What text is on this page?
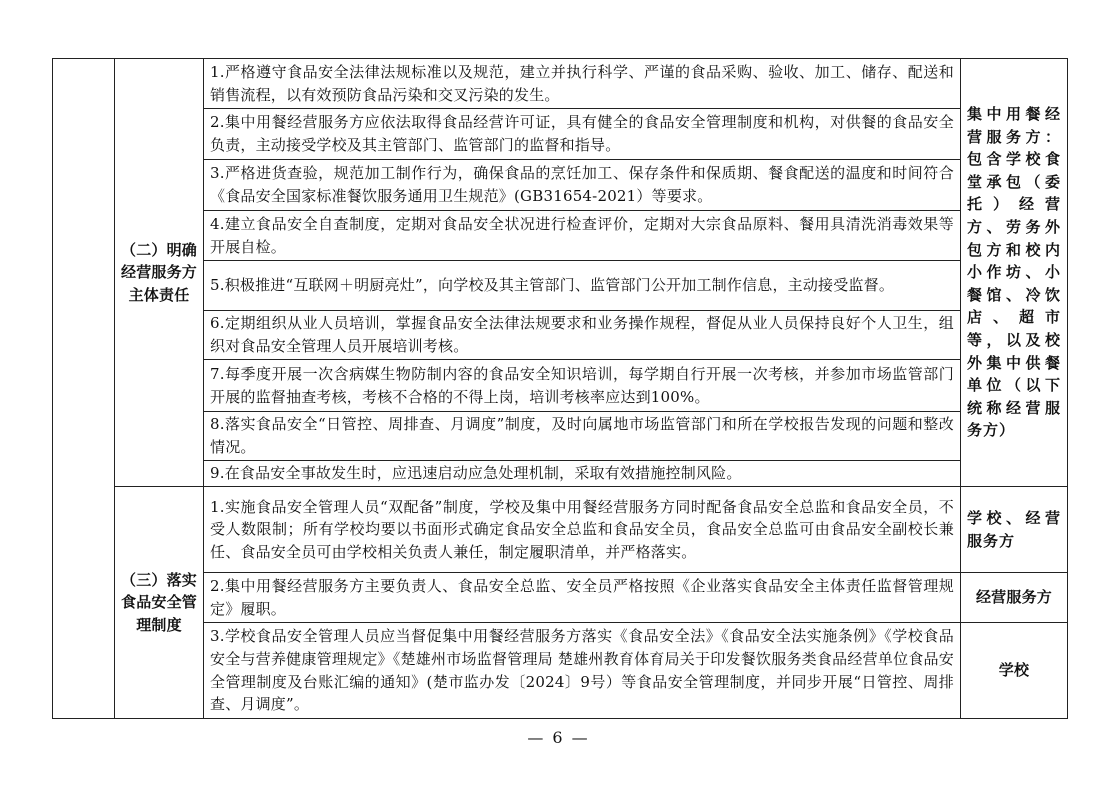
	（二）明确经营服务方主体责任	1.严格遵守食品安全法律法规标准以及规范，建立并执行科学、严谨的食品采购、验收、加工、储存、配送和销售流程，以有效预防食品污染和交叉污染的发生。	集中用餐经营服务方：包含学校食堂承包（委托）经营方、劳务外包方和校内小作坊、小餐馆、冷饮店、超市等，以及校外集中供餐单位（以下统称经营服务方）
		2.集中用餐经营服务方应依法取得食品经营许可证，具有健全的食品安全管理制度和机构，对供餐的食品安全负责，主动接受学校及其主管部门、监管部门的监督和指导。	
		3.严格进货查验，规范加工制作行为，确保食品的烹饪加工、保存条件和保质期、餐食配送的温度和时间符合《食品安全国家标准餐饮服务通用卫生规范》(GB31654-2021）等要求。	
		4.建立食品安全自查制度，定期对食品安全状况进行检查评价，定期对大宗食品原料、餐用具清洗消毒效果等开展自检。	
		5.积极推进“互联网＋明厨亮灶”，向学校及其主管部门、监管部门公开加工制作信息，主动接受监督。	
		6.定期组织从业人员培训，掌握食品安全法律法规要求和业务操作规程，督促从业人员保持良好个人卫生，组织对食品安全管理人员开展培训考核。	
		7.每季度开展一次含病媒生物防制内容的食品安全知识培训，每学期自行开展一次考核，并参加市场监管部门开展的监督抽查考核，考核不合格的不得上岗，培训考核率应达到100%。	
		8.落实食品安全“日管控、周排查、月调度”制度，及时向属地市场监管部门和所在学校报告发现的问题和整改情况。	
		9.在食品安全事故发生时，应迅速启动应急处理机制，采取有效措施控制风险。	
	（三）落实食品安全管理制度	1.实施食品安全管理人员“双配备”制度，学校及集中用餐经营服务方同时配备食品安全总监和食品安全员，不受人数限制；所有学校均要以书面形式确定食品安全总监和食品安全员，食品安全总监可由食品安全副校长兼任、食品安全员可由学校相关负责人兼任，制定履职清单，并严格落实。	学校、经营服务方
		2.集中用餐经营服务方主要负责人、食品安全总监、安全员严格按照《企业落实食品安全主体责任监督管理规定》履职。	经营服务方
		3.学校食品安全管理人员应当督促集中用餐经营服务方落实《食品安全法》《食品安全法实施条例》《学校食品安全与营养健康管理规定》《楚雄州市场监督管理局 楚雄州教育体育局关于印发餐饮服务类食品经营单位食品安全管理制度及台账汇编的通知》(楚市监办发〔2024〕9号）等食品安全管理制度，并同步开展“日管控、周排查、月调度”。	学校
— 6 —
